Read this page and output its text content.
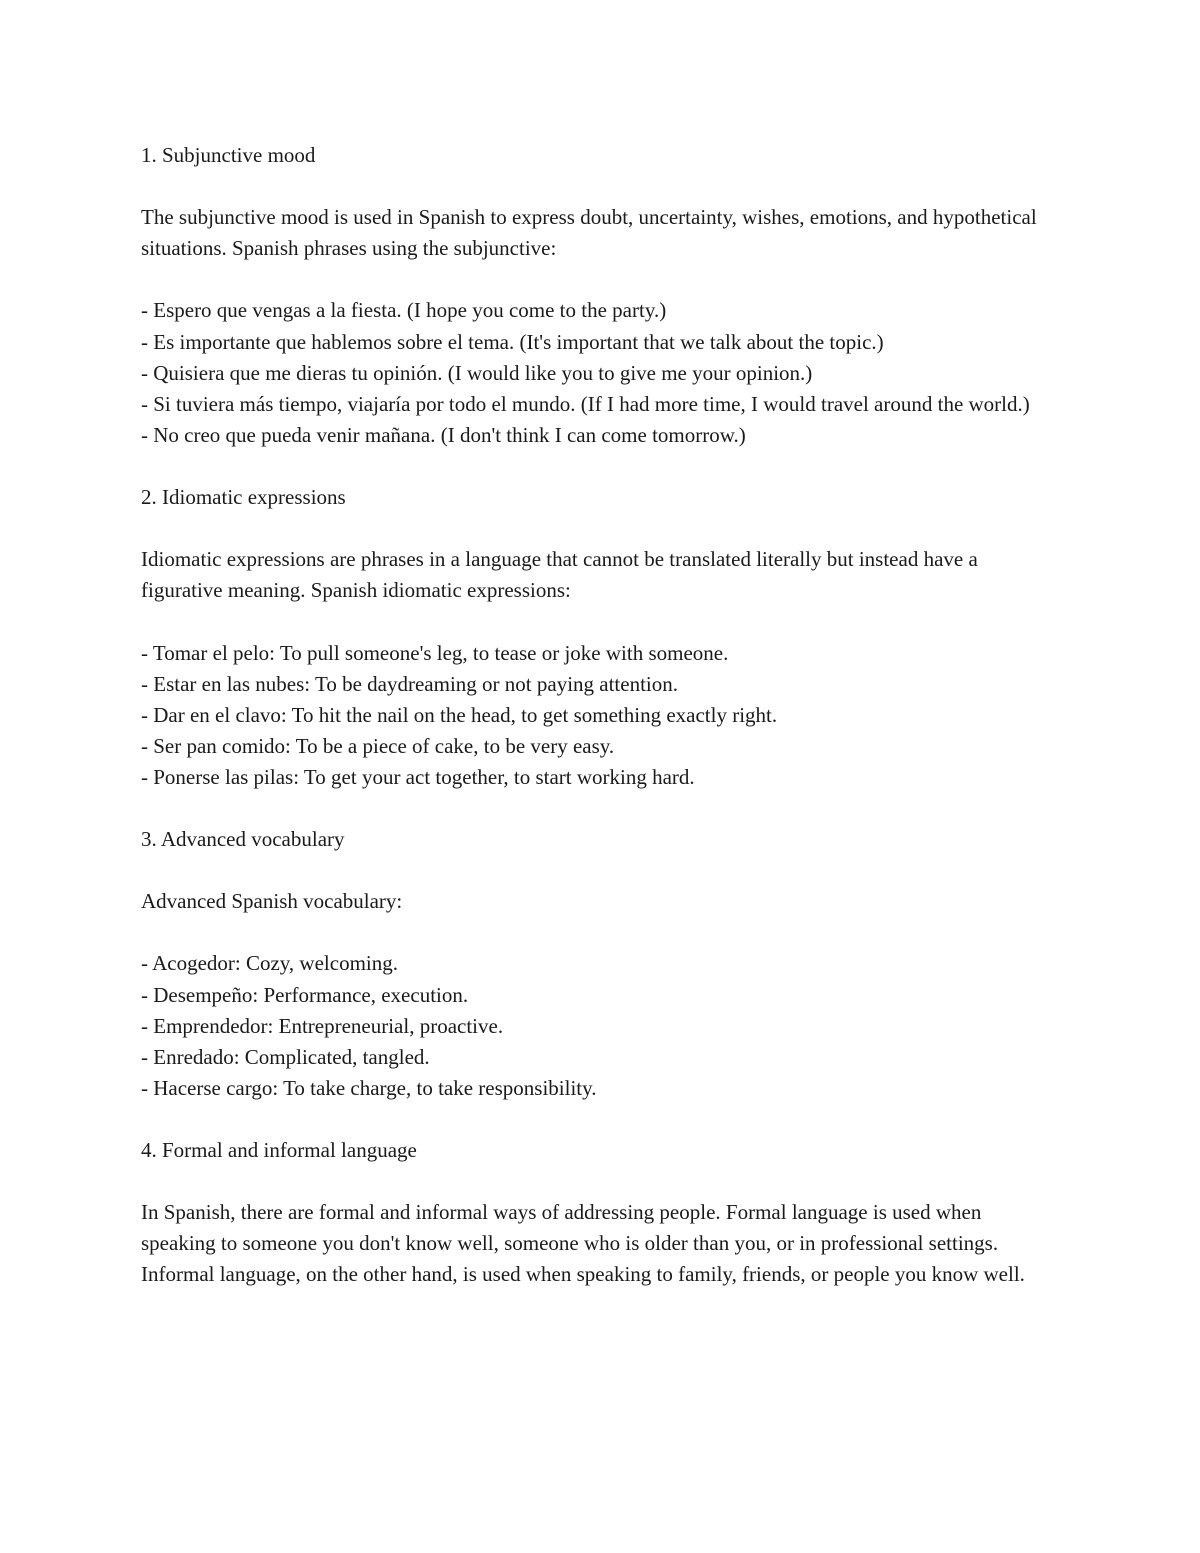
1. Subjunctive mood

The subjunctive mood is used in Spanish to express doubt, uncertainty, wishes, emotions, and hypothetical situations. Spanish phrases using the subjunctive:

- Espero que vengas a la fiesta. (I hope you come to the party.)

- Es importante que hablemos sobre el tema. (It's important that we talk about the topic.)

- Quisiera que me dieras tu opinión. (I would like you to give me your opinion.)

- Si tuviera más tiempo, viajaría por todo el mundo. (If I had more time, I would travel around the world.)

- No creo que pueda venir mañana. (I don't think I can come tomorrow.)

2. Idiomatic expressions

Idiomatic expressions are phrases in a language that cannot be translated literally but instead have a figurative meaning. Spanish idiomatic expressions:

- Tomar el pelo: To pull someone's leg, to tease or joke with someone.

- Estar en las nubes: To be daydreaming or not paying attention.

- Dar en el clavo: To hit the nail on the head, to get something exactly right.

- Ser pan comido: To be a piece of cake, to be very easy.

- Ponerse las pilas: To get your act together, to start working hard.

3. Advanced vocabulary

Advanced Spanish vocabulary:

- Acogedor: Cozy, welcoming.

- Desempeño: Performance, execution.

- Emprendedor: Entrepreneurial, proactive.

- Enredado: Complicated, tangled.

- Hacerse cargo: To take charge, to take responsibility.

4. Formal and informal language

In Spanish, there are formal and informal ways of addressing people. Formal language is used when speaking to someone you don't know well, someone who is older than you, or in professional settings. Informal language, on the other hand, is used when speaking to family, friends, or people you know well.
